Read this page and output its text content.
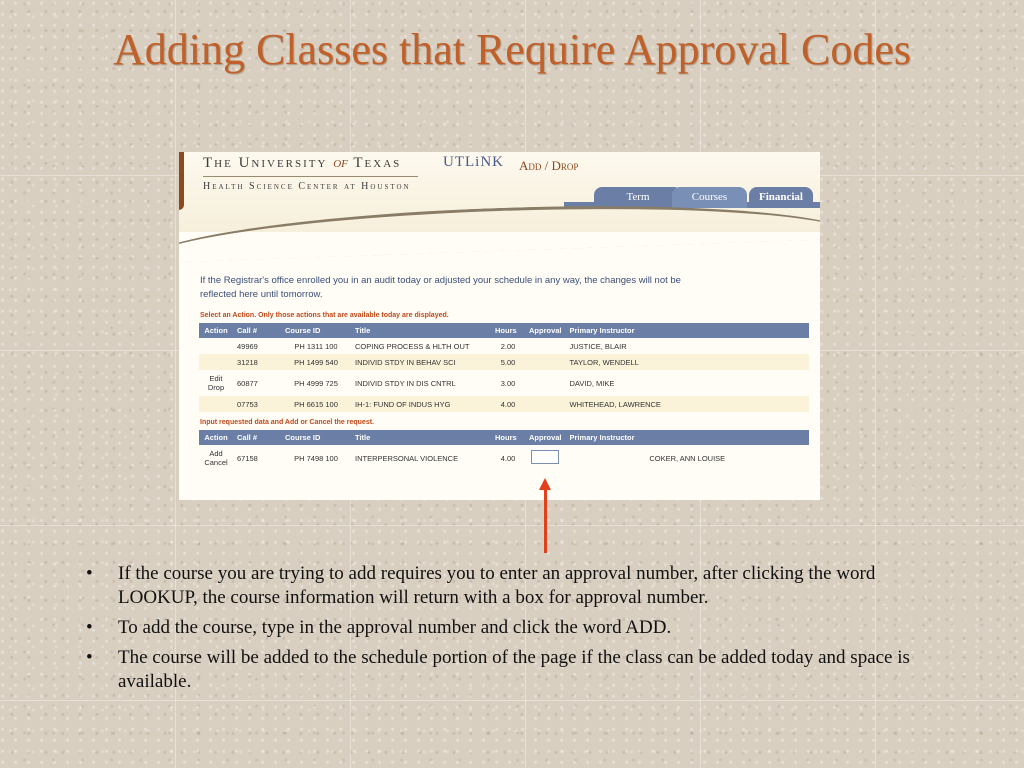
Adding Classes that Require Approval Codes
The University of Texas
Health Science Center at Houston
UTLiNK Add / Drop
Term	Courses	Financial
If the Registrar's office enrolled you in an audit today or adjusted your schedule in any way, the changes will not be reflected here until tomorrow.
Select an Action. Only those actions that are available today are displayed.
Action	Call #	Course ID	Title	Hours	Approval	Primary Instructor
	49969	PH 1311 100	COPING PROCESS & HLTH OUT	2.00		JUSTICE, BLAIR
	31218	PH 1499 540	INDIVID STDY IN BEHAV SCI	5.00		TAYLOR, WENDELL

Edit
Drop	60877	PH 4999 725	INDIVID STDY IN DIS CNTRL	3.00		DAVID, MIKE
	07753	PH 6615 100	IH-1: FUND OF INDUS HYG	4.00		WHITEHEAD, LAWRENCE
Input requested data and Add or Cancel the request.
Action	Call #	Course ID	Title	Hours	Approval	Primary Instructor

Add
Cancel	67158	PH 7498 100	INTERPERSONAL VIOLENCE	4.00		COKER, ANN LOUISE
• If the course you are trying to add requires you to enter an approval number, after clicking the word LOOKUP, the course information will return with a box for approval number.
• To add the course, type in the approval number and click the word ADD.
• The course will be added to the schedule portion of the page if the class can be added today and space is available.
